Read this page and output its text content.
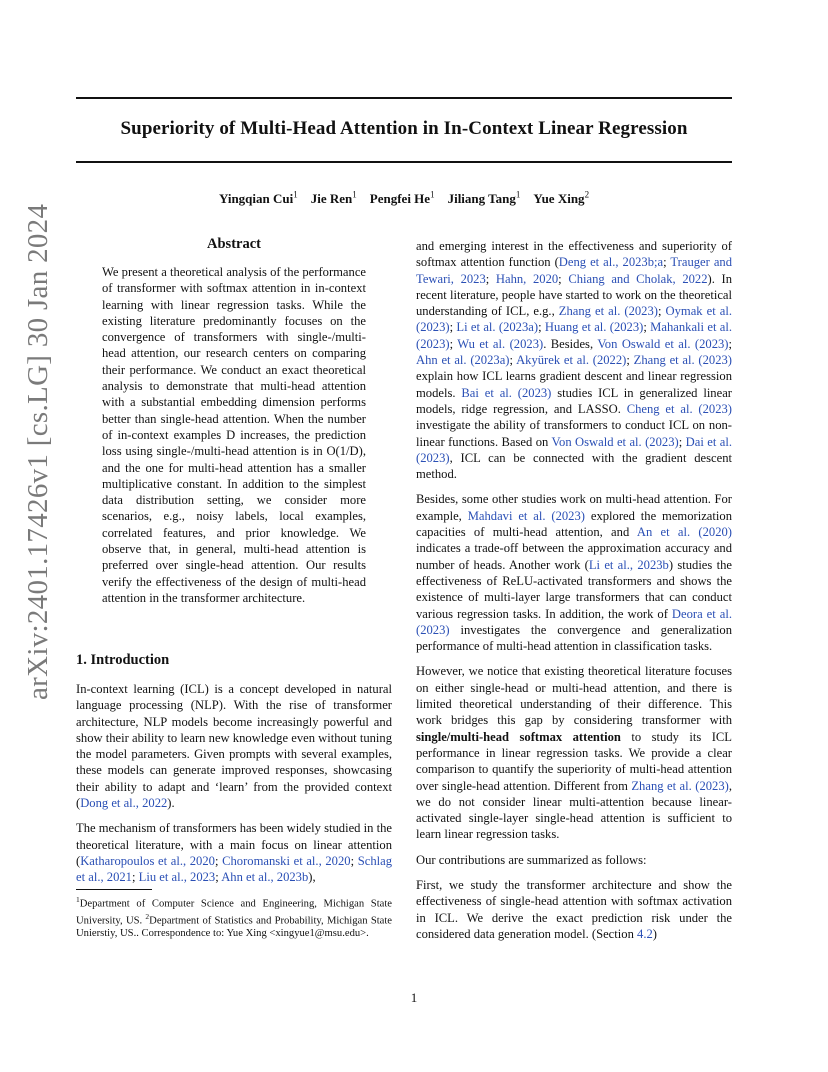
Superiority of Multi-Head Attention in In-Context Linear Regression
Yingqian Cui$^1$  Jie Ren$^1$  Pengfei He$^1$  Jiliang Tang$^1$  Yue Xing$^2$
arXiv:2401.17426v1 [cs.LG] 30 Jan 2024	Abstract

We present a theoretical analysis of the performance of transformer with softmax attention in in-context learning with linear regression tasks. While the existing literature predominantly focuses on the convergence of transformers with single-/multi-head attention, our research centers on comparing their performance. We conduct an exact theoretical analysis to demonstrate that multi-head attention with a substantial embedding dimension performs better than single-head attention. When the number of in-context examples D increases, the prediction loss using single-/multi-head attention is in O(1/D), and the one for multi-head attention has a smaller multiplicative constant. In addition to the simplest data distribution setting, we consider more scenarios, e.g., noisy labels, local examples, correlated features, and prior knowledge. We observe that, in general, multi-head attention is preferred over single-head attention. Our results verify the effectiveness of the design of multi-head attention in the transformer architecture.

1. Introduction

In-context learning (ICL) is a concept developed in natural language processing (NLP). With the rise of transformer architecture, NLP models become increasingly powerful and show their ability to learn new knowledge even without tuning the model parameters. Given prompts with several examples, these models can generate improved responses, showcasing their ability to adapt and ‘learn’ from the provided context (Dong et al., 2022).

The mechanism of transformers has been widely studied in the theoretical literature, with a main focus on linear attention (Katharopoulos et al., 2020; Choromanski et al., 2020; Schlag et al., 2021; Liu et al., 2023; Ahn et al., 2023b),

$^1$Department of Computer Science and Engineering, Michigan State University, US. $^2$Department of Statistics and Probability, Michigan State Unierstiy, US.. Correspondence to: Yue Xing <xingyue1@msu.edu>.

and emerging interest in the effectiveness and superiority of softmax attention function (Deng et al., 2023b;a; Trauger and Tewari, 2023; Hahn, 2020; Chiang and Cholak, 2022). In recent literature, people have started to work on the theoretical understanding of ICL, e.g., Zhang et al. (2023); Oymak et al. (2023); Li et al. (2023a); Huang et al. (2023); Mahankali et al. (2023); Wu et al. (2023). Besides, Von Oswald et al. (2023); Ahn et al. (2023a); Akyürek et al. (2022); Zhang et al. (2023) explain how ICL learns gradient descent and linear regression models. Bai et al. (2023) studies ICL in generalized linear models, ridge regression, and LASSO. Cheng et al. (2023) investigate the ability of transformers to conduct ICL on non-linear functions. Based on Von Oswald et al. (2023); Dai et al. (2023), ICL can be connected with the gradient descent method.

Besides, some other studies work on multi-head attention. For example, Mahdavi et al. (2023) explored the memorization capacities of multi-head attention, and An et al. (2020) indicates a trade-off between the approximation accuracy and number of heads. Another work (Li et al., 2023b) studies the effectiveness of ReLU-activated transformers and shows the existence of multi-layer large transformers that can conduct various regression tasks. In addition, the work of Deora et al. (2023) investigates the convergence and generalization performance of multi-head attention in classification tasks.

However, we notice that existing theoretical literature focuses on either single-head or multi-head attention, and there is limited theoretical understanding of their difference. This work bridges this gap by considering transformer with single/multi-head softmax attention to study its ICL performance in linear regression tasks. We provide a clear comparison to quantify the superiority of multi-head attention over single-head attention. Different from Zhang et al. (2023), we do not consider linear multi-attention because linear-activated single-layer single-head attention is sufficient to learn linear regression tasks.

Our contributions are summarized as follows:

First, we study the transformer architecture and show the effectiveness of single-head attention with softmax activation in ICL. We derive the exact prediction risk under the considered data generation model. (Section 4.2)

1
